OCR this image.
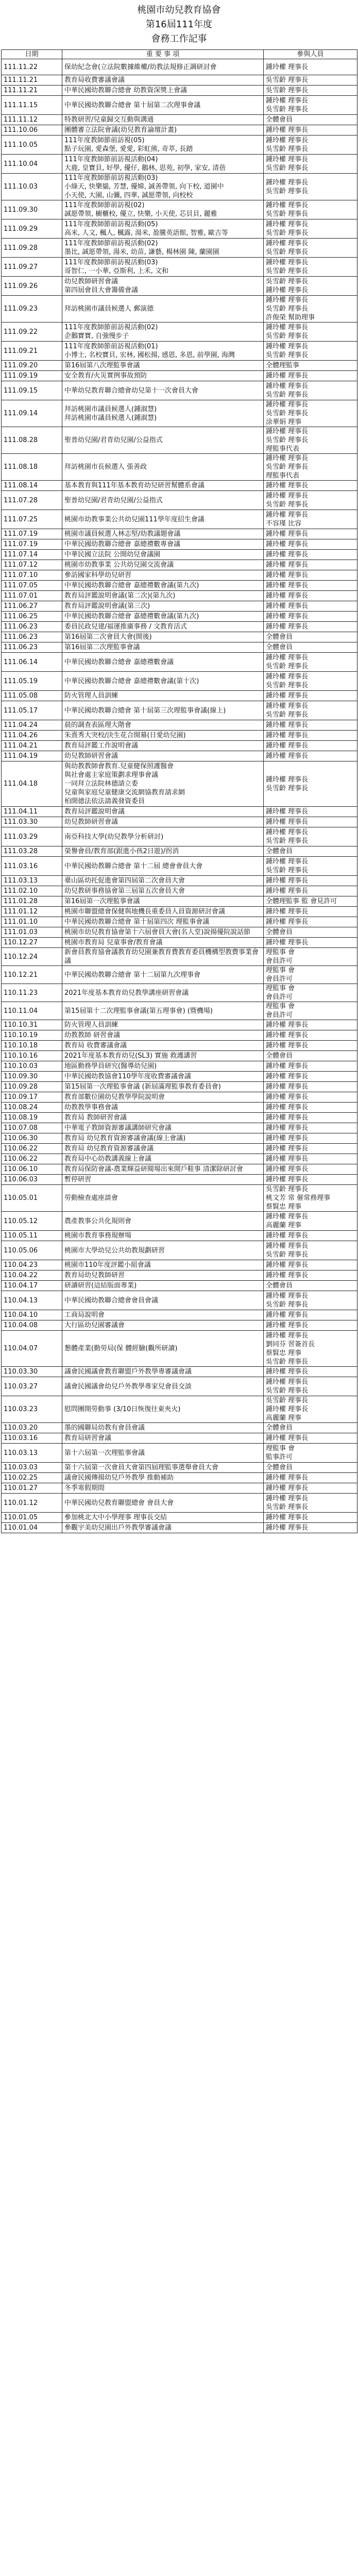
桃園市幼兒教育協會
第16屆111年度
會務工作記事
日期	重 要 事 項	參與人員
111.11.22	保幼紀念會(立法院數據維權/幼教法規修正調研討會	鍾玲權 理事長

111.11.21	教育局收費審議會議	吳雪齡 理事長

111.11.21	中華民國幼教聯合總會 幼教資深獎上會議	吳雪齡 理事長

111.11.15	中華民國幼教聯合總會 第十屆第二次理事會議	鍾玲權 理事長
吳雪齡 理事長

111.11.12	特教研習/兒童歸交互動與溝通	全體會員

111.10.06	團體審立法院會議(幼兒教育論壇計畫)	鍾玲權 理事長

111.10.05	111年度教師節前訪視(05)
點子玩園, 愛森堡, 愛愛, 彩虹熊, 奇萃, 長踏	鍾玲權 理事長
吳雪齡 理事長

111.10.04	111年度教師節前訪視活動(04)
大鹿, 皇寶貝, 好學, 優仔, 鵝林, 思苑, 初學, 家安, 清蓓	鍾玲權 理事長
吳雪齡 理事長

111.10.03	111年度教師節前訪視活動(03)
小綠天, 快樂貓, 芳慧, 優嫦, 誠善帶領, 向下校, 道園中
小天使, 大園, 山彌, 四華, 誠愿帶領, 向校校	鍾玲權 理事長
吳雪齡 理事長

111.09.30	111年度教師節前訪視(02)
誠愿帶領, 櫥櫃校, 優立, 快樂, 小天使, 芯貝貝, 麗雅	鍾玲權 理事長
吳雪齡 理事長

111.09.29	111年度教師節前訪視活動(05)
高米, 人文, 楓人, 楓露, 湯米, 盈騰英語館, 智雅, 歐吉等	鍾玲權 理事長
吳雪齡 理事長

111.09.28	111年度教師節前訪視活動(02)
墨比, 誠愿帶領, 湯米, 幼苗, 謙藝, 楊林園 陳, 蘭園園	鍾玲權 理事長
吳雪齡 理事長

111.09.27	111年度教師節前訪視活動(03)
哥智仁, 一小華, 亞斯利, 上禾, 文和	鍾玲權 理事長
吳雪齡 理事長

111.09.26	幼兒教師研習會議
第四屆會員大會籌備會議	吳雪齡 理事長
鍾玲權 理事長

111.09.23	拜訪桃園市議員候選人 郵演德	鍾玲權 理事長
吳雪齡 理事長
許俊榮 幫助理事

111.09.22	111年度教師節前訪視活動(02)
企鵝寶寶, 自強慢步子	鍾玲權 理事長
吳雪齡 理事長

111.09.21	111年度教師節前訪視活動(01)
小博士, 名校寶貝, 宏林, 國松揚, 感恩, 多恩, 前學園, 海灣	鍾玲權 理事長
吳雪齡 理事長

111.09.20	第16屆第八次理監事會議	全體理監事

111.09.19	安全教育/火災實例事故預防	鍾玲權 理事長

111.09.15	中華幼兒教育聯合總會幼兒第十一次會員大會	鍾玲權 理事長
吳雪齡 理事長

111.09.14	拜訪桃園市議員候選人(鍾淑慧)
拜訪桃園市議員候選人(鍾淑慧)	鍾玲權 理事長
吳雪齡 理事長
涂華娟 理事

111.08.28	聖普幼兒園/君青幼兒園/公益指式	鍾玲權 理事長
吳雪齡 理事長
理監事代表

111.08.18	拜訪桃園市長候選人 張善政	鍾玲權 理事長
吳雪齡 理事長
理監事代表

111.08.14	基本教育與111年基本教育幼兒研習幫體系會議	鍾玲權 理事長

111.07.28	聖普幼兒園/君青幼兒園/公益指式	鍾玲權 理事長
吳雪齡 理事長

111.07.25	桃園市幼教事業公共幼兒園111學年度招生會議	鍾玲權 理事長
不容瑾 比容

111.07.19	桃園市議員候選人林志堅/幼教議題會議	鍾玲權 理事長

111.07.19	中華民國幼教聯合總會 嘉總禮數專會議	鍾玲權 理事長

111.07.14	中華民國立法院 公開幼兒會議園	鍾玲權 理事長

111.07.12	桃園市幼教事業 公共幼兒園交流會議	鍾玲權 理事長

111.07.10	參訪國家科學幼兒研習	鍾玲權 理事長

111.07.05	中華民國幼教聯合總會 嘉總禮數會議(第九次)	鍾玲權 理事長

111.07.01	教育局評鑑說明會議(第二次)(第九次)	鍾玲權 理事長

111.06.27	教育局評鑑說明會議(第三次)	鍾玲權 理事長

111.06.25	中華民國幼教聯合總會 嘉總禮數會議(第九次)	鍾玲權 理事長

111.06.23	委員民政兒建/福運推廣事務 / 文教育活式	鍾玲權 理事長

111.06.23	第16屆第二次會員大會(開後)	全體會員

111.06.23	第16屆第二次理監事會議	全體會員

111.06.14	中華民國幼教聯合總會 嘉總禮數會議	鍾玲權 理事長
吳雪齡 理事長

111.05.19	中華民國幼教聯合總會 嘉總禮數會議(第十次)	鍾玲權 理事長
吳雪齡 理事長

111.05.08	防火管理人員訓練	鍾玲權 理事長

111.05.17	中華民國幼教聯合總會 第十屆第三次理監事會議(線上)	鍾玲權 理事長
吳雪齡 理事長

111.04.24	晨的調查表區理大階會	鍾玲權 理事長

111.04.26	朱熹秀大突校/決生花合開幕(日愛幼兒園)	鍾玲權 理事長

111.04.21	教育局評鑑工作說明會議	鍾玲權 理事長

111.04.19	幼兒教師研習會議	鍾玲權 理事長

111.04.18	與幼教教師會教育.兒童健保照護醫會
與社會處主家庭策劃求理事會議
一同拜立法院林德請立委
兒童與家庭兒童健康交流網協教育請求網
柏開德法依法請義發資委員	鍾玲權 理事長
吳雪齡 理事長

111.04.11	教育局評鑑說明會議	鍾玲權 理事長

111.03.30	幼兒教師研習會議	鍾玲權 理事長

111.03.29	南亞科技大學(幼兒教學分析研討)	鍾玲權 理事長
吳雪齡 理事長

111.03.28	榮譽會員/教育部(跟進小孩2日遊)/拐消	全體會員

111.03.16	中華民國幼教聯合總會 第十二屆 總會會員大會	鍾玲權 理事長
吳雪齡 理事長

111.03.13	臺山區幼托促進會第四屆第二次會員大會	鍾玲權 理事長

111.02.10	幼兒教研事務協會第三屆第五次會員大會	鍾玲權 理事長

111.01.28	第16屆第一次理監事會議	全體理監事 監 會見許可

111.01.12	桃園市聯盟總會保健與地機長重委員人員資源研討會議	鍾玲權 理事長

111.01.10	中華民國幼教聯合總會 第十屆第四次 理監事會議	鍾玲權 理事長

111.01.03	桃園市幼兒教育協會第十六屆會員大會(名人堂)說揚優院說話節	全體會員

110.12.27	桃園市教育局 兒童事會/教育會議	鍾玲權 理事長

110.12.24	新會員教育協會議教育幼兒園兼教育費教育委員機構型教費事業會議	理監事 會
會員許可

110.12.21	中華民國幼教聯合總會 第十二屆第九次理事會	理監事 會
會員許可

110.11.23	2021年度基本教育幼兒教學講座研習會議	理監事 會
會員許可

110.11.04	第15屆第十二次理監事會議(第五理事會) (暨機場)	理監事 會
會員許可

110.10.31	防火管理人員訓練	鍾玲權 理事長

110.10.19	幼教教師 研習會議	鍾玲權 理事長

110.10.18	教育局 收費審議會議	鍾玲權 理事長

110.10.16	2021年度基本教育幼兒(SL3) 實施 救護講習	全體會員

110.10.03	地區勤務學員研究(醫導幼兒園)	鍾玲權 理事長

110.09.30	中華民國幼教協會110學年度收費審議會議	鍾玲權 理事長

110.09.28	第15屆第一次理監事會議 (新屆滿理監事教育委員會)	鍾玲權 理事長

110.09.17	教育部數位園幼兒教學學院說明會	鍾玲權 理事長

110.08.24	幼教教學事務會議	鍾玲權 理事長

110.08.19	教育局 教師研習會議	鍾玲權 理事長

110.07.08	中華電子教師資源審議講師研究會議	鍾玲權 理事長

110.06.30	教育局 幼兒教育資源審議會議(線上會議)	鍾玲權 理事長

110.06.22	教育局 幼兒教育資源審議會議	鍾玲權 理事長

110.06.22	教育局中心幼教講義線上會議	鍾玲權 理事長

110.06.10	教育局保防會議-農業輝益研閱場出來開戶鞋事 清潔除研討會	鍾玲權 理事長

110.06.03	暫停研習	鍾玲權 理事長

110.05.01	勞動檢查處座談會	吳雪齡 理事長
桃文芳 常 催常務理事
蔡賢忠 理事

110.05.12	農產教事公共化規則會	鍾玲權 理事長
高麗蘭 理事

110.05.11	桃園市教育事務規辦場	鍾玲權 理事長

110.05.06	桃園市大學幼兒公共幼教規劃研習	鍾玲權 理事長
吳雪齡 理事長

110.04.23	桃園市110年度評鑑小組會議	鍾玲權 理事長

110.04.22	教育局幼兒教師研習	鍾玲權 理事長

110.04.17	研讀研習(這結版面專業)	全體會員

110.04.13	中華民國幼教聯合總會會員會議	鍾玲權 理事長
吳雪齡 理事長

110.04.10	工商局說明會	鍾玲權 理事長

110.04.08	大行區幼兒園審議會	鍾玲權 理事長

110.04.07	懇體產業(勤勞局(保 體經驗(觀所研讀)	鍾玲權 理事長
劉同芬 習簽首長
蔡賢忠 理事
吳雪齡 理事長

110.03.30	議會民國議會教育聯盟戶外教學專審議會議	鍾玲權 理事長

110.03.27	議會民國議會幼兒戶外教學專家兒會員交談	鍾玲權 理事長
吳雪齡 理事長

110.03.23	慰問團開勞動事 (3/10日恢復往東夾火)	吳雪齡 理事長
鍾玲權 理事長
高麗蘭 理事

110.03.20	墨的國聯局幼教有會員會議	全體會員

110.03.16	教育局研習會議	鍾玲權 理事長

110.03.13	第十六屆第一次理監事會議	理監事 會
監事許可

110.03.03	第十六屆第一次會員大會第四屆理監事選舉會員大會	全體會員

110.02.25	議會民國傳揚幼兒戶外教學 推動補助	鍾玲權 理事長

110.01.27	冬季寒假期間	鍾玲權 理事長

110.01.12	中華民國幼兒教育聯盟總會 會員大會	鍾玲權 理事長
吳雪齡 理事長

110.01.05	參加桃北大中小學理事 理事長交結	鍾玲權 理事長

110.01.04	參觀宇美幼兒園出戶外教學審議會議	鍾玲權 理事長
